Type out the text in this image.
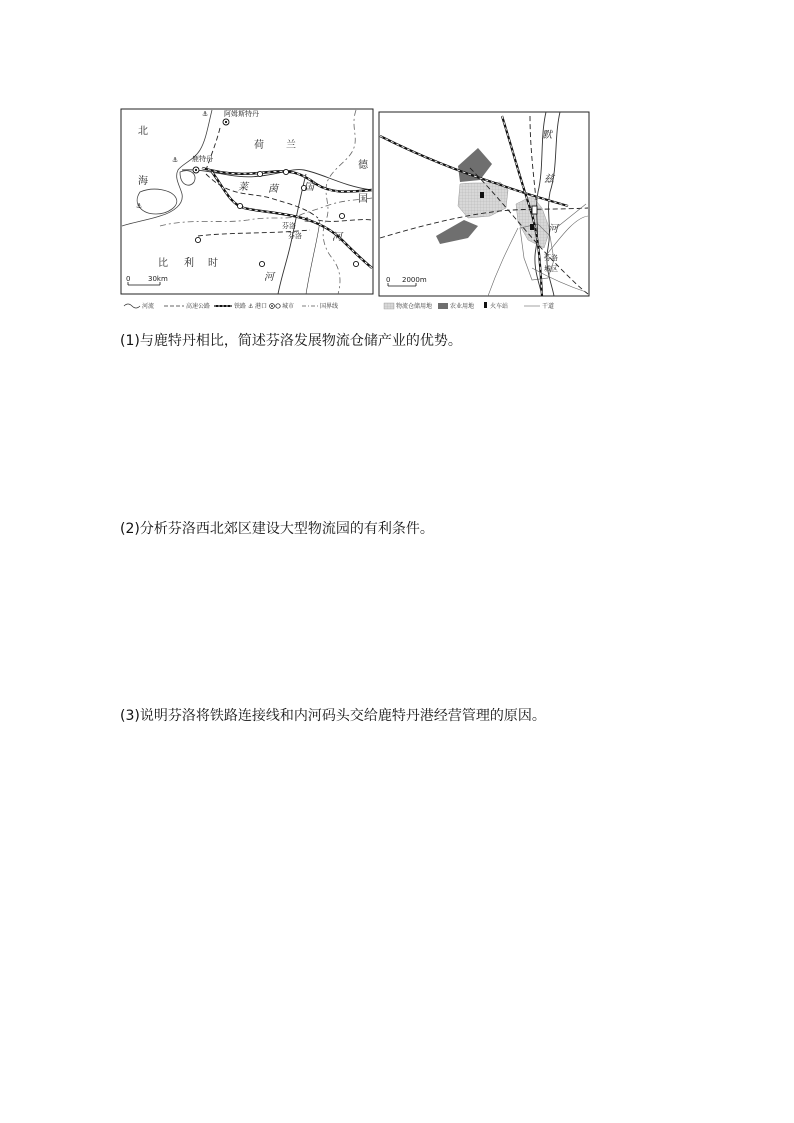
⚓
⚓
⚓
⚓
阿姆斯特丹
鹿特丹
北
海
荷 兰
德
国
莱 茵	国
芬洛
芬洛	河
河
比 利 时
0	30km
默
兹
河
芬洛
城区
0 2000m
河流	高速公路	铁路 ⚓ 港口 城市	国界线	物流仓储用地	农业用地	火车站	干道
(1)与鹿特丹相比，简述芬洛发展物流仓储产业的优势。
(2)分析芬洛西北郊区建设大型物流园的有利条件。
(3)说明芬洛将铁路连接线和内河码头交给鹿特丹港经营管理的原因。
